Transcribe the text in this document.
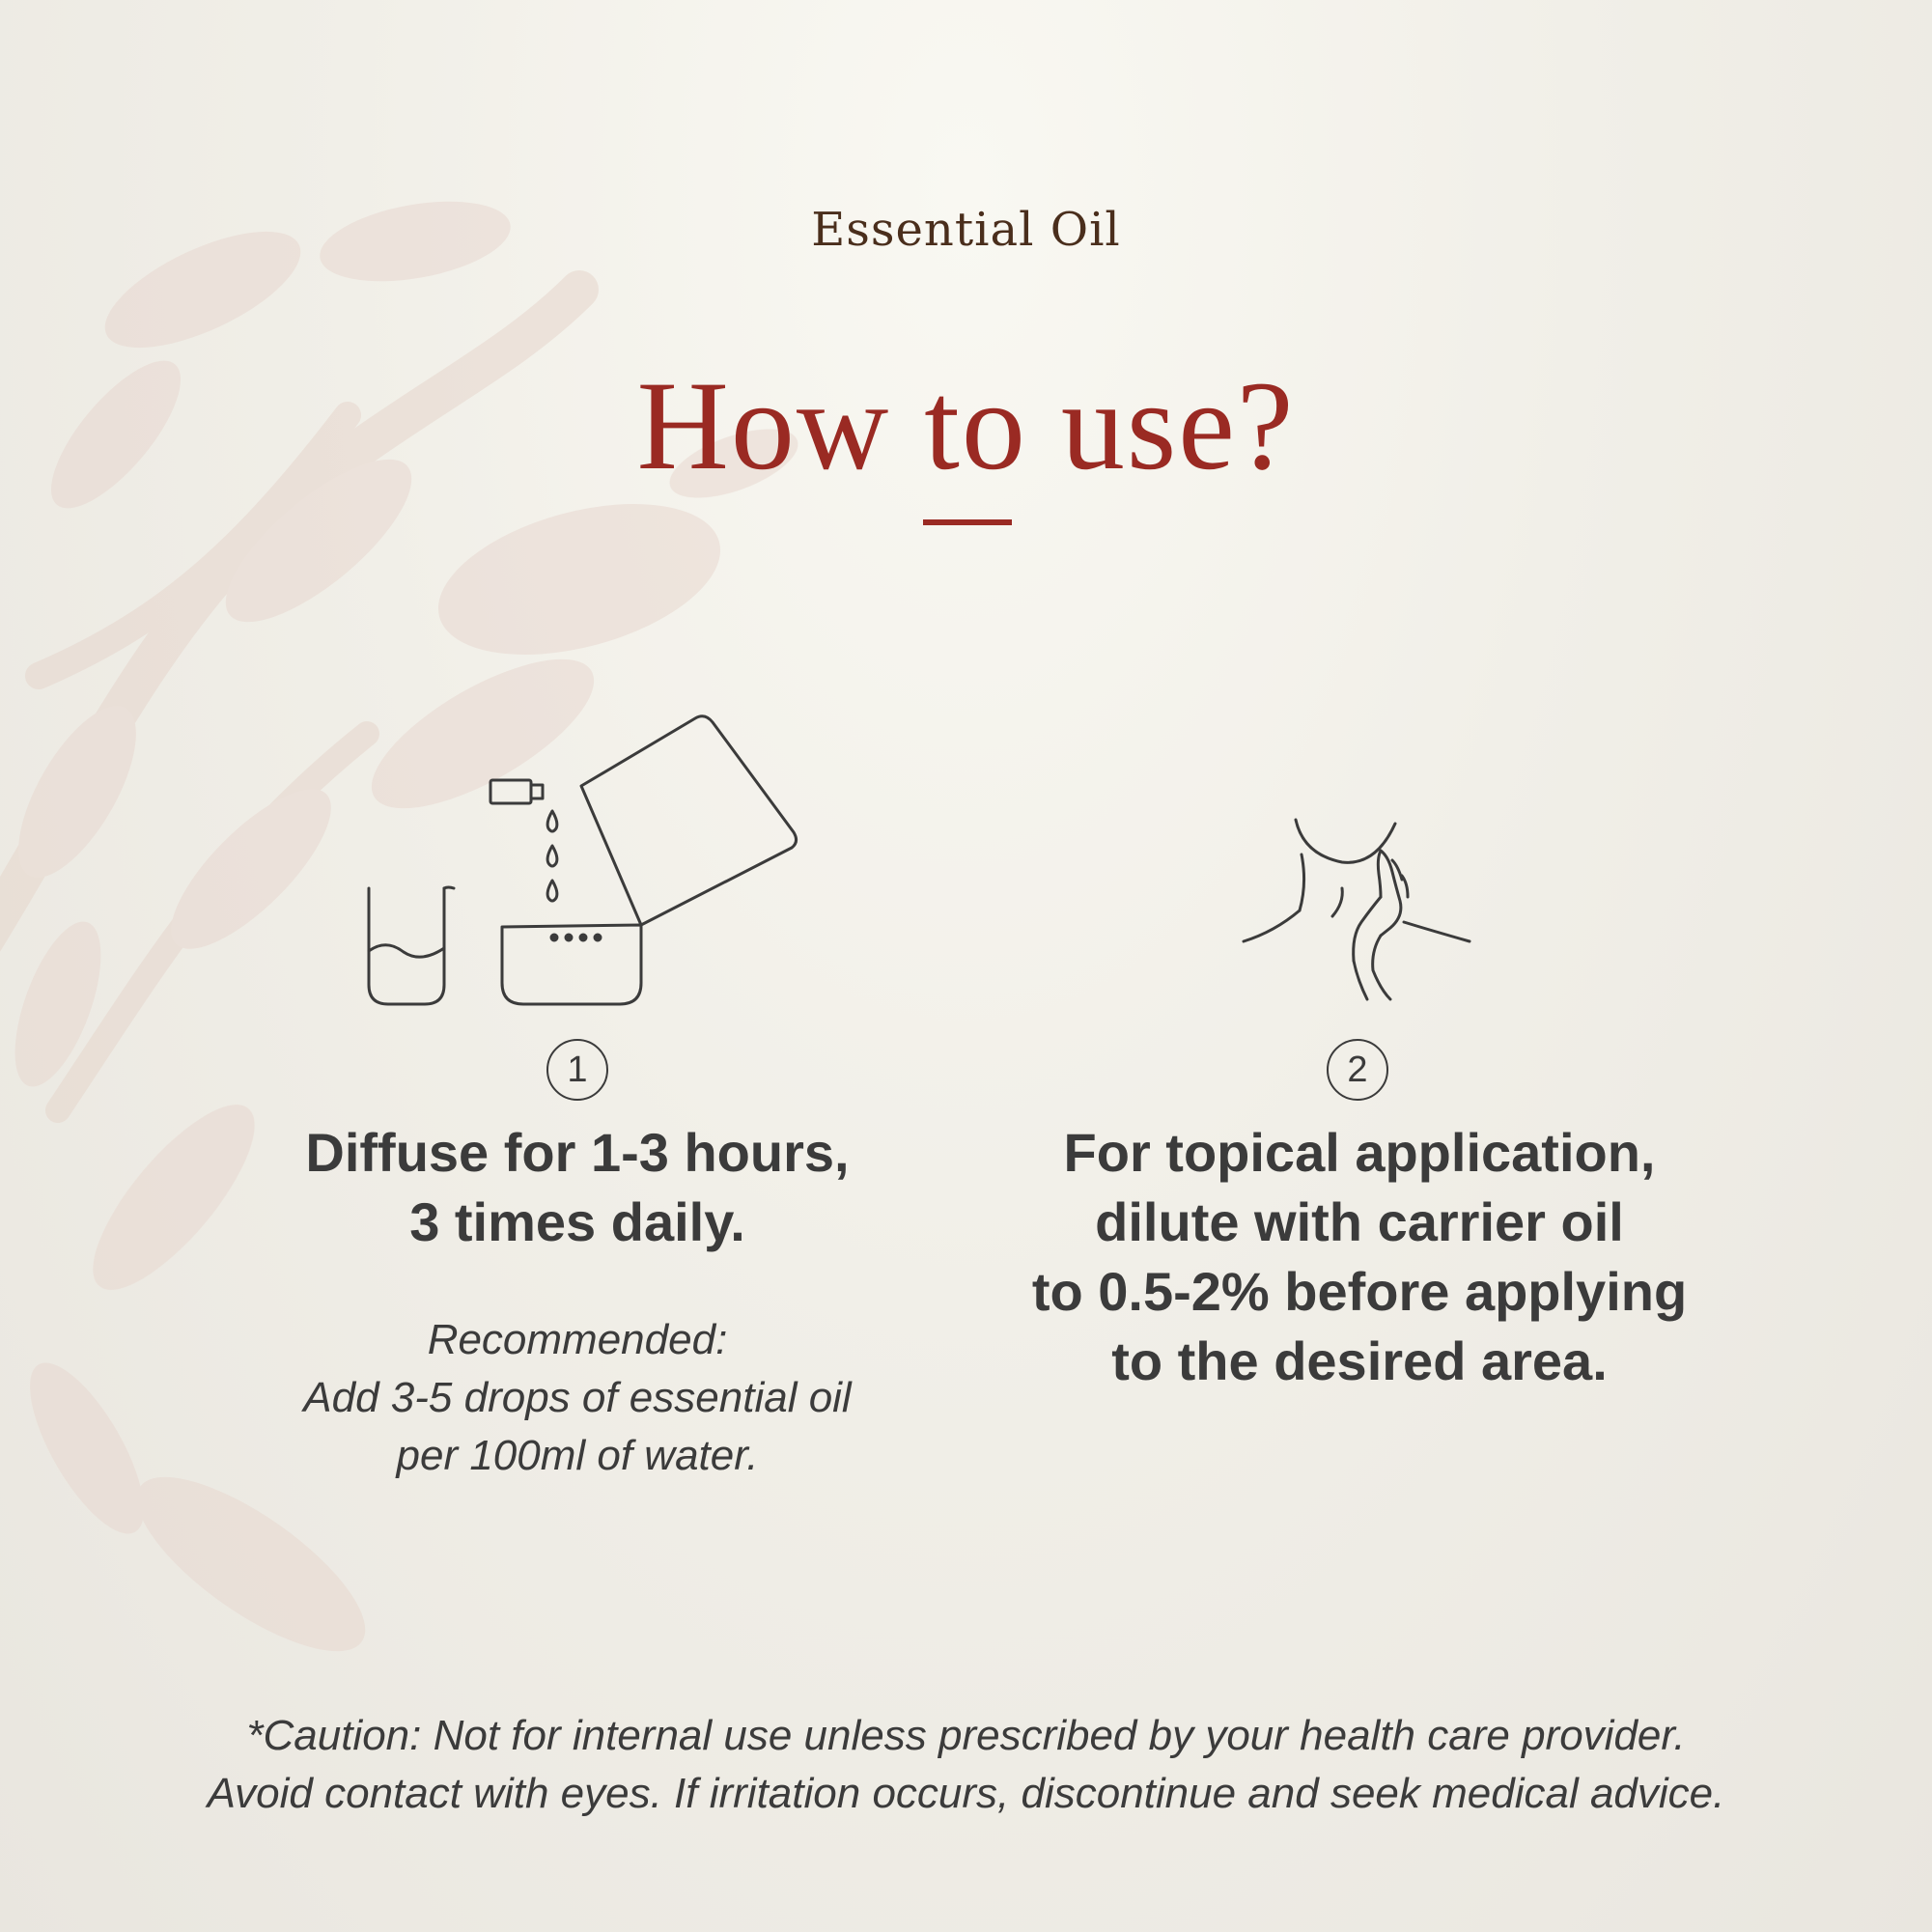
Essential Oil
How to use?
1
Diffuse for 1-3 hours,
3 times daily.
Recommended:
Add 3-5 drops of essential oil
per 100ml of water.
2
For topical application,
dilute with carrier oil
to 0.5-2% before applying
to the desired area.
*Caution: Not for internal use unless prescribed by your health care provider.
Avoid contact with eyes. If irritation occurs, discontinue and seek medical advice.
